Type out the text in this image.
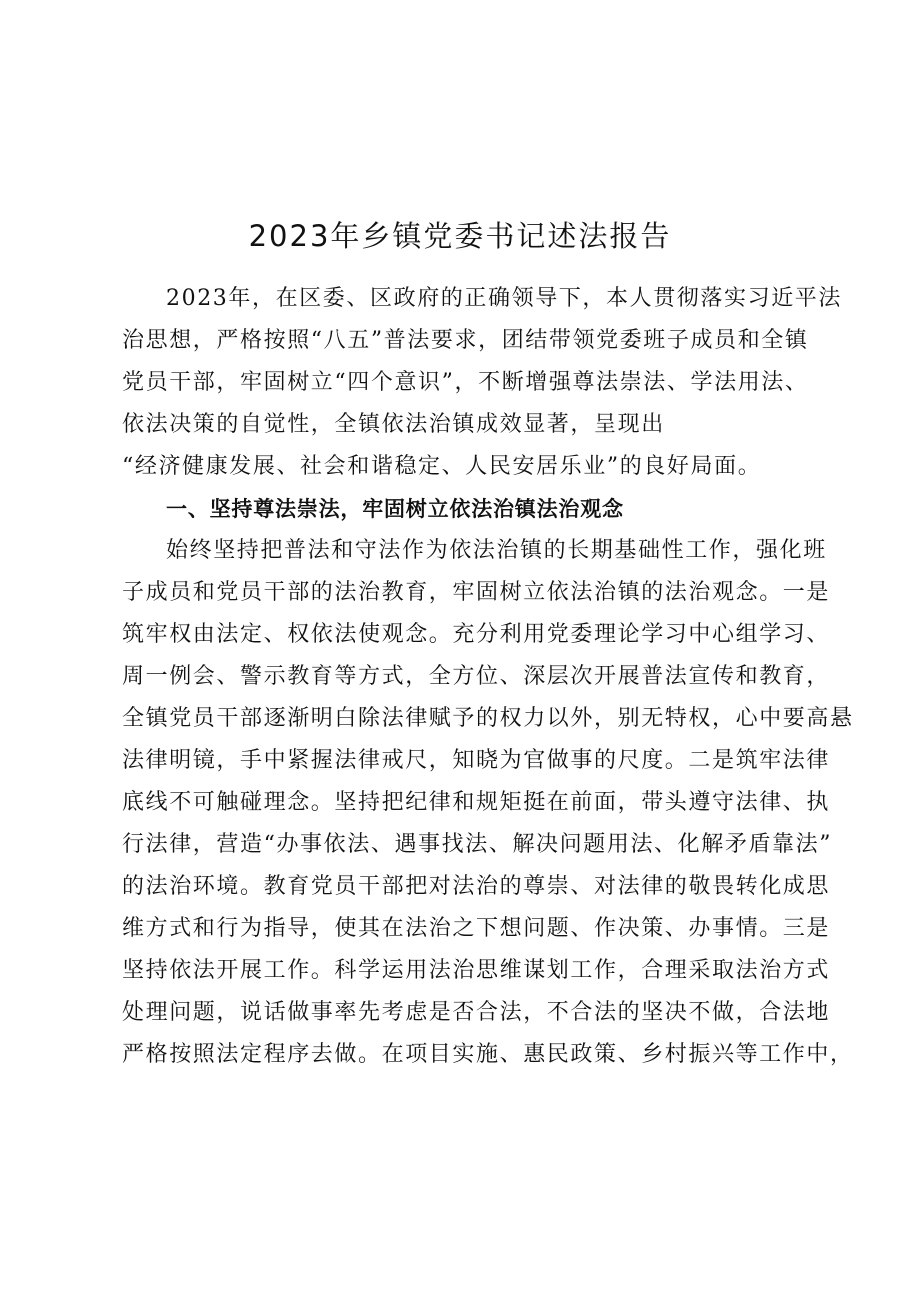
2023年乡镇党委书记述法报告
2023年，在区委、区政府的正确领导下，本人贯彻落实习近平法
治思想，严格按照“八五”普法要求，团结带领党委班子成员和全镇
党员干部，牢固树立“四个意识”，不断增强尊法崇法、学法用法、
依法决策的自觉性，全镇依法治镇成效显著，呈现出
“经济健康发展、社会和谐稳定、人民安居乐业”的良好局面。
一、坚持尊法崇法，牢固树立依法治镇法治观念
始终坚持把普法和守法作为依法治镇的长期基础性工作，强化班
子成员和党员干部的法治教育，牢固树立依法治镇的法治观念。一是
筑牢权由法定、权依法使观念。充分利用党委理论学习中心组学习、
周一例会、警示教育等方式，全方位、深层次开展普法宣传和教育，
全镇党员干部逐渐明白除法律赋予的权力以外，别无特权，心中要高悬
法律明镜，手中紧握法律戒尺，知晓为官做事的尺度。二是筑牢法律
底线不可触碰理念。坚持把纪律和规矩挺在前面，带头遵守法律、执
行法律，营造“办事依法、遇事找法、解决问题用法、化解矛盾靠法”
的法治环境。教育党员干部把对法治的尊崇、对法律的敬畏转化成思
维方式和行为指导，使其在法治之下想问题、作决策、办事情。三是
坚持依法开展工作。科学运用法治思维谋划工作，合理采取法治方式
处理问题，说话做事率先考虑是否合法，不合法的坚决不做，合法地
严格按照法定程序去做。在项目实施、惠民政策、乡村振兴等工作中，
